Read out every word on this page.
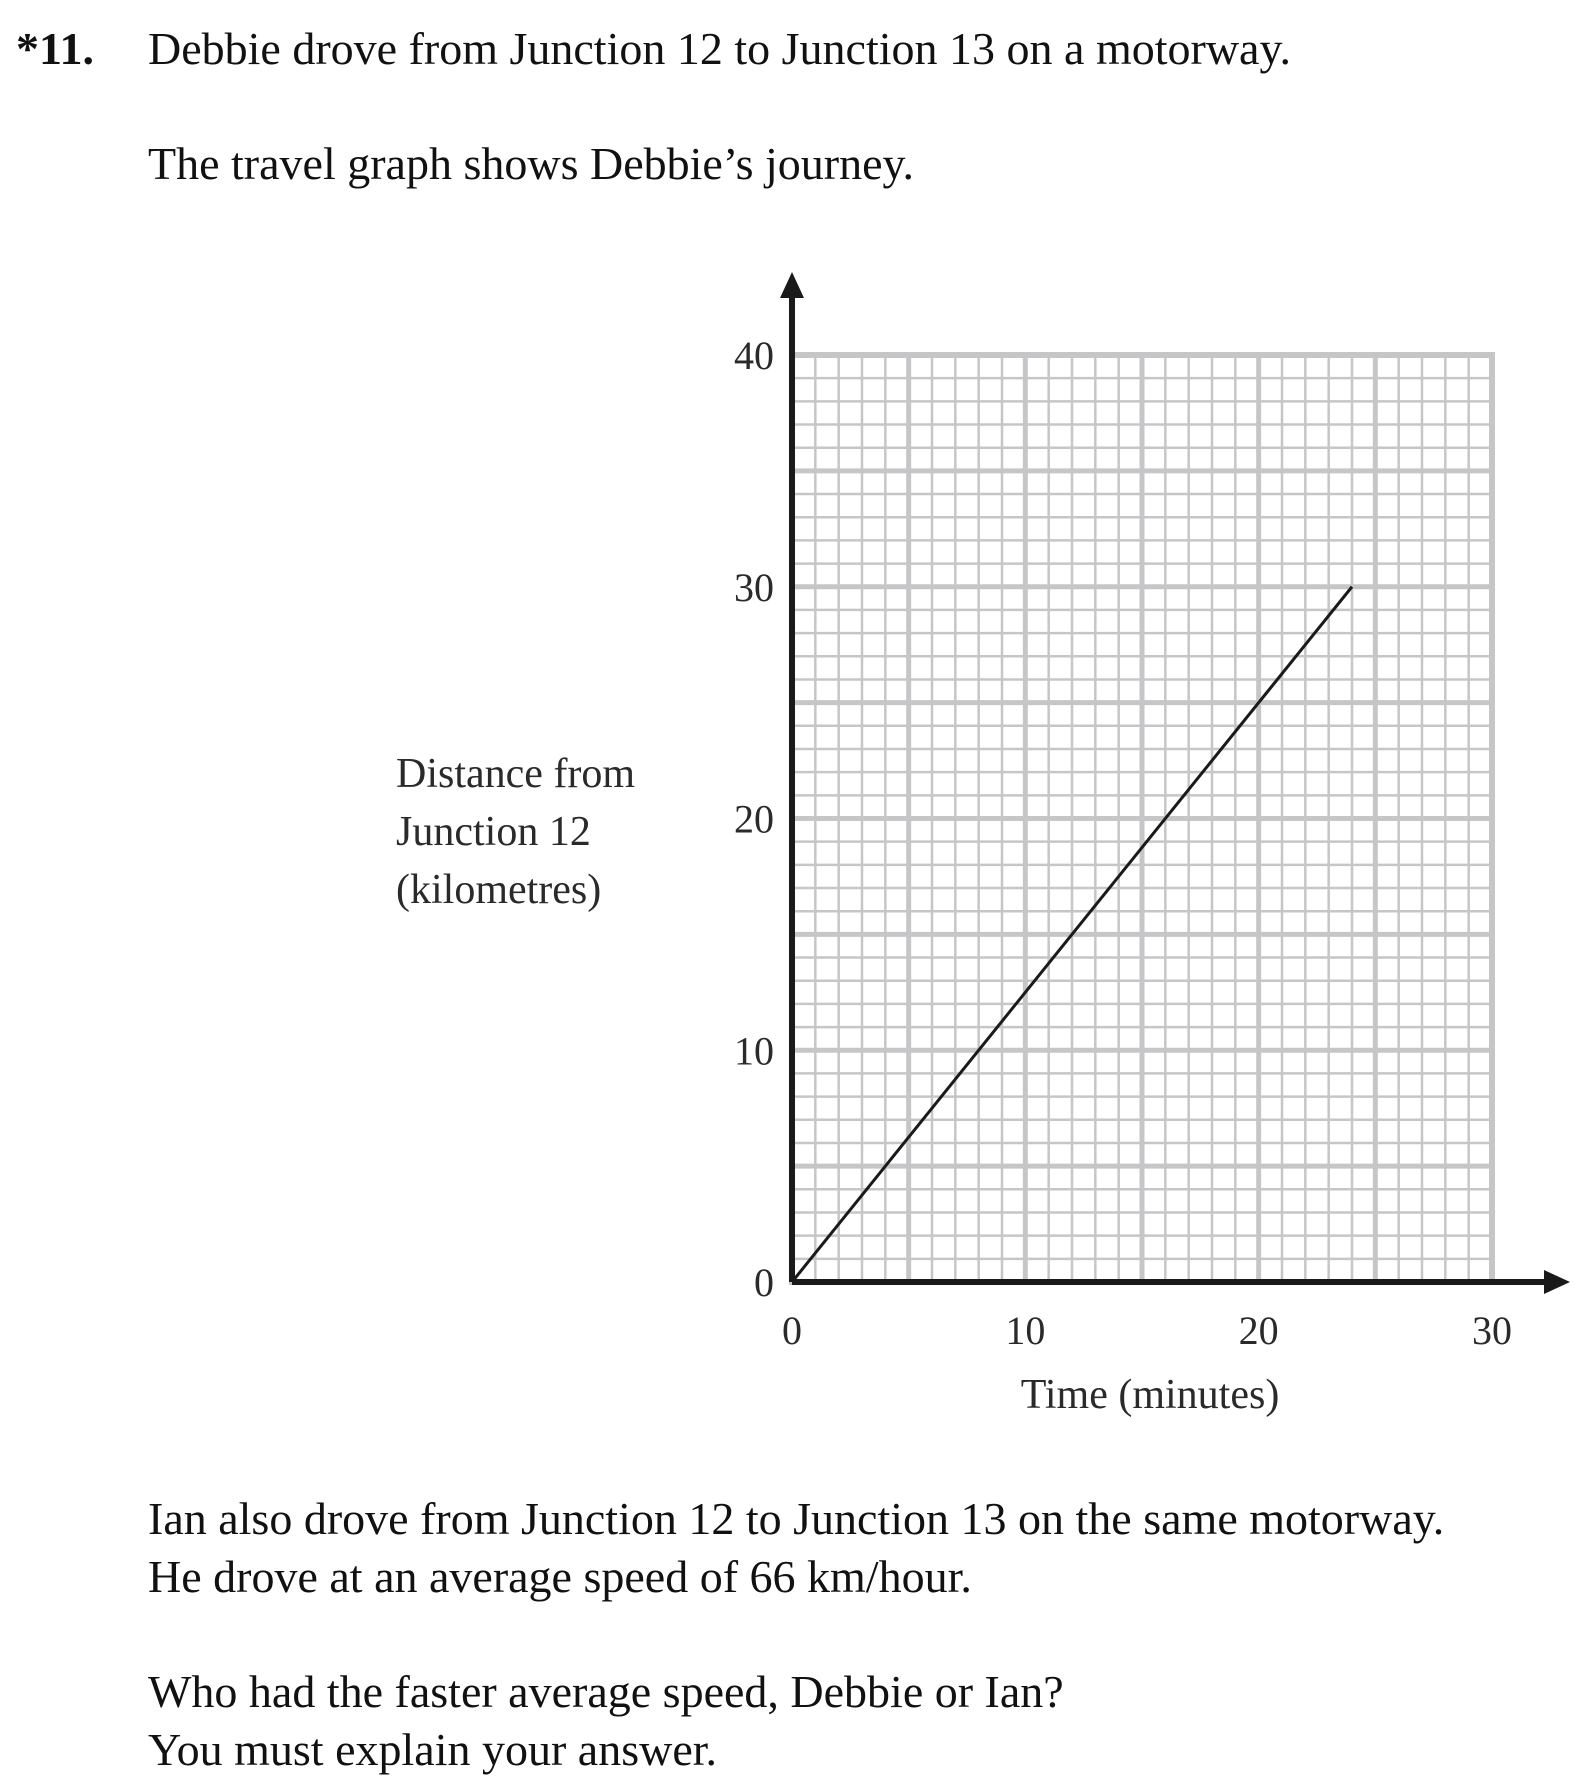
*11. Debbie drove from Junction 12 to Junction 13 on a motorway.
The travel graph shows Debbie’s journey.
0
10
20
30
40
0	10	20	30
Time (minutes)
Distance from
Junction 12
(kilometres)
Ian also drove from Junction 12 to Junction 13 on the same motorway.
He drove at an average speed of 66 km/hour.
Who had the faster average speed, Debbie or Ian?
You must explain your answer.
